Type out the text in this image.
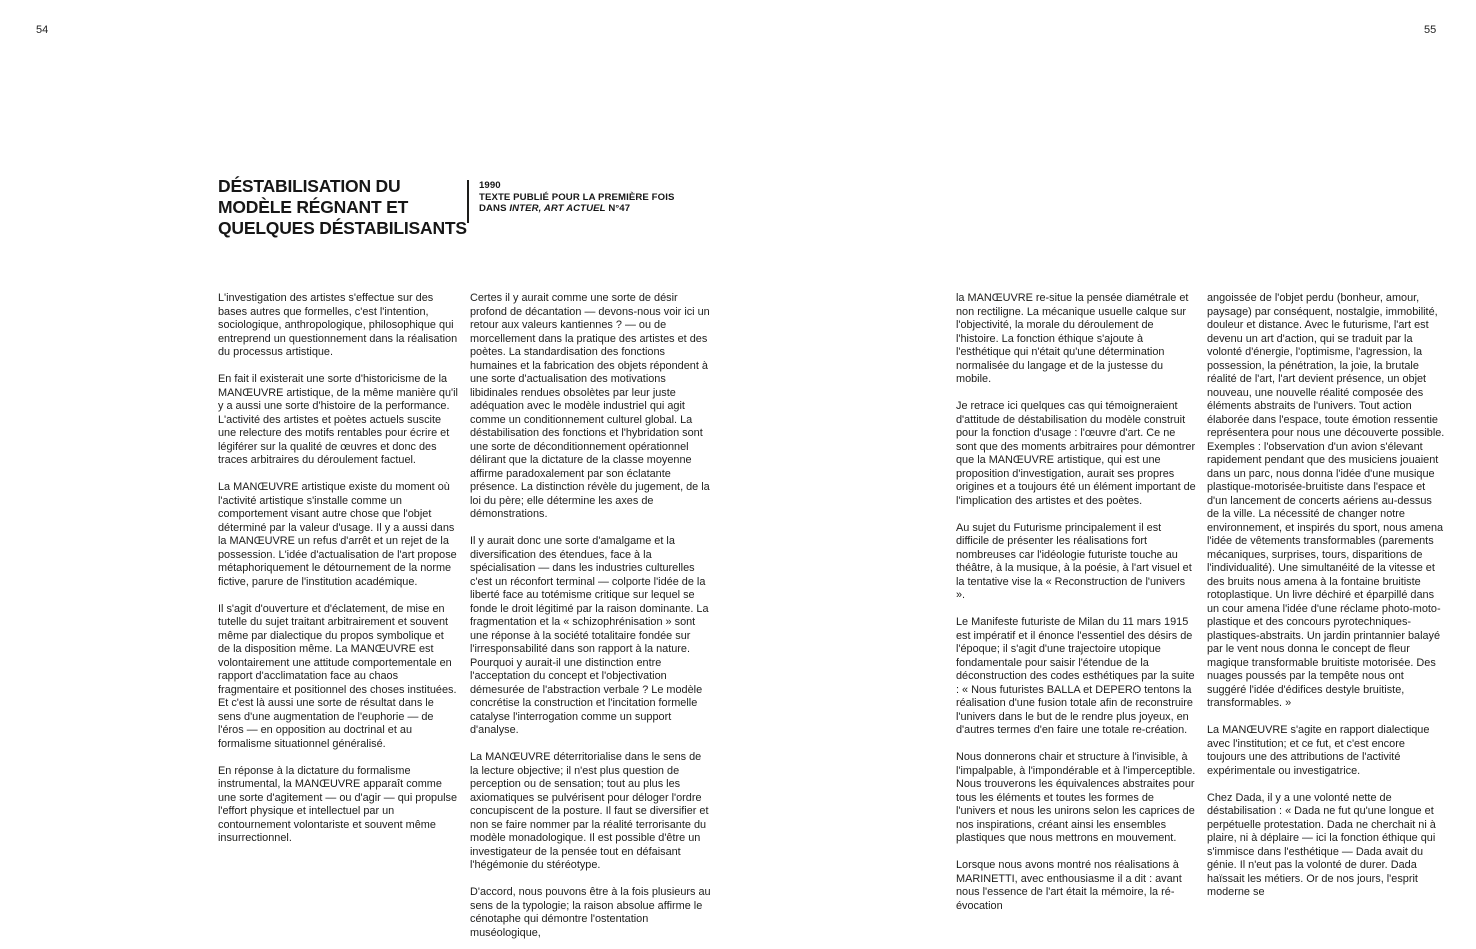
54	55
DÉSTABILISATION DU
MODÈLE RÉGNANT ET
QUELQUES DÉSTABILISANTS
1990
TEXTE PUBLIÉ POUR LA PREMIÈRE FOIS
DANS INTER, ART ACTUEL N°47

L'investigation des artistes s'effectue sur des bases autres que formelles, c'est l'intention, sociologique, anthropologique, philosophique qui entreprend un questionnement dans la réalisation du processus artistique.

En fait il existerait une sorte d'historicisme de la MANŒUVRE artistique, de la même manière qu'il y a aussi une sorte d'histoire de la performance. L'activité des artistes et poètes actuels suscite une relecture des motifs rentables pour écrire et légiférer sur la qualité de œuvres et donc des traces arbitraires du déroulement factuel.

La MANŒUVRE artistique existe du moment où l'activité artistique s'installe comme un comportement visant autre chose que l'objet déterminé par la valeur d'usage. Il y a aussi dans la MANŒUVRE un refus d'arrêt et un rejet de la possession. L'idée d'actualisation de l'art propose métaphoriquement le détournement de la norme fictive, parure de l'institution académique.

Il s'agit d'ouverture et d'éclatement, de mise en tutelle du sujet traitant arbitrairement et souvent même par dialectique du propos symbolique et de la disposition même. La MANŒUVRE est volontairement une attitude comportementale en rapport d'acclimatation face au chaos fragmentaire et positionnel des choses instituées. Et c'est là aussi une sorte de résultat dans le sens d'une augmentation de l'euphorie — de l'éros — en opposition au doctrinal et au formalisme situationnel généralisé.

En réponse à la dictature du formalisme instrumental, la MANŒUVRE apparaît comme une sorte d'agitement — ou d'agir — qui propulse l'effort physique et intellectuel par un contournement volontariste et souvent même insurrectionnel.

Certes il y aurait comme une sorte de désir profond de décantation — devons-nous voir ici un retour aux valeurs kantiennes ? — ou de morcellement dans la pratique des artistes et des poètes. La standardisation des fonctions humaines et la fabrication des objets répondent à une sorte d'actualisation des motivations libidinales rendues obsolètes par leur juste adéquation avec le modèle industriel qui agit comme un conditionnement culturel global. La déstabilisation des fonctions et l'hybridation sont une sorte de déconditionnement opérationnel délirant que la dictature de la classe moyenne affirme paradoxalement par son éclatante présence. La distinction révèle du jugement, de la loi du père; elle détermine les axes de démonstrations.

Il y aurait donc une sorte d'amalgame et la diversification des étendues, face à la spécialisation — dans les industries culturelles c'est un réconfort terminal — colporte l'idée de la liberté face au totémisme critique sur lequel se fonde le droit légitimé par la raison dominante. La fragmentation et la « schizophrénisation » sont une réponse à la société totalitaire fondée sur l'irresponsabilité dans son rapport à la nature. Pourquoi y aurait-il une distinction entre l'acceptation du concept et l'objectivation démesurée de l'abstraction verbale ? Le modèle concrétise la construction et l'incitation formelle catalyse l'interrogation comme un support d'analyse.

La MANŒUVRE déterritorialise dans le sens de la lecture objective; il n'est plus question de perception ou de sensation; tout au plus les axiomatiques se pulvérisent pour déloger l'ordre concupiscent de la posture. Il faut se diversifier et non se faire nommer par la réalité terrorisante du modèle monadologique. Il est possible d'être un investigateur de la pensée tout en défaisant l'hégémonie du stéréotype.

D'accord, nous pouvons être à la fois plusieurs au sens de la typologie; la raison absolue affirme le cénotaphe qui démontre l'ostentation muséologique,

la MANŒUVRE re-situe la pensée diamétrale et non rectiligne. La mécanique usuelle calque sur l'objectivité, la morale du déroulement de l'histoire. La fonction éthique s'ajoute à l'esthétique qui n'était qu'une détermination normalisée du langage et de la justesse du mobile.

Je retrace ici quelques cas qui témoigneraient d'attitude de déstabilisation du modèle construit pour la fonction d'usage : l'œuvre d'art. Ce ne sont que des moments arbitraires pour démontrer que la MANŒUVRE artistique, qui est une proposition d'investigation, aurait ses propres origines et a toujours été un élément important de l'implication des artistes et des poètes.

Au sujet du Futurisme principalement il est difficile de présenter les réalisations fort nombreuses car l'idéologie futuriste touche au théâtre, à la musique, à la poésie, à l'art visuel et la tentative vise la « Reconstruction de l'univers ».

Le Manifeste futuriste de Milan du 11 mars 1915 est impératif et il énonce l'essentiel des désirs de l'époque; il s'agit d'une trajectoire utopique fondamentale pour saisir l'étendue de la déconstruction des codes esthétiques par la suite : « Nous futuristes BALLA et DEPERO tentons la réalisation d'une fusion totale afin de reconstruire l'univers dans le but de le rendre plus joyeux, en d'autres termes d'en faire une totale re-création.

Nous donnerons chair et structure à l'invisible, à l'impalpable, à l'impondérable et à l'imperceptible. Nous trouverons les équivalences abstraites pour tous les éléments et toutes les formes de l'univers et nous les unirons selon les caprices de nos inspirations, créant ainsi les ensembles plastiques que nous mettrons en mouvement.

Lorsque nous avons montré nos réalisations à MARINETTI, avec enthousiasme il a dit : avant nous l'essence de l'art était la mémoire, la ré-évocation

angoissée de l'objet perdu (bonheur, amour, paysage) par conséquent, nostalgie, immobilité, douleur et distance. Avec le futurisme, l'art est devenu un art d'action, qui se traduit par la volonté d'énergie, l'optimisme, l'agression, la possession, la pénétration, la joie, la brutale réalité de l'art, l'art devient présence, un objet nouveau, une nouvelle réalité composée des éléments abstraits de l'univers. Tout action élaborée dans l'espace, toute émotion ressentie représentera pour nous une découverte possible. Exemples : l'observation d'un avion s'élevant rapidement pendant que des musiciens jouaient dans un parc, nous donna l'idée d'une musique plastique-motorisée-bruitiste dans l'espace et d'un lancement de concerts aériens au-dessus de la ville. La nécessité de changer notre environnement, et inspirés du sport, nous amena l'idée de vêtements transformables (parements mécaniques, surprises, tours, disparitions de l'individualité). Une simultanéité de la vitesse et des bruits nous amena à la fontaine bruitiste rotoplastique. Un livre déchiré et éparpillé dans un cour amena l'idée d'une réclame photo-moto-plastique et des concours pyrotechniques-plastiques-abstraits. Un jardin printannier balayé par le vent nous donna le concept de fleur magique transformable bruitiste motorisée. Des nuages poussés par la tempête nous ont suggéré l'idée d'édifices destyle bruitiste, transformables. »

La MANŒUVRE s'agite en rapport dialectique avec l'institution; et ce fut, et c'est encore toujours une des attributions de l'activité expérimentale ou investigatrice.

Chez Dada, il y a une volonté nette de déstabilisation : « Dada ne fut qu'une longue et perpétuelle protestation. Dada ne cherchait ni à plaire, ni à déplaire — ici la fonction éthique qui s'immisce dans l'esthétique — Dada avait du génie. Il n'eut pas la volonté de durer. Dada haïssait les métiers. Or de nos jours, l'esprit moderne se
